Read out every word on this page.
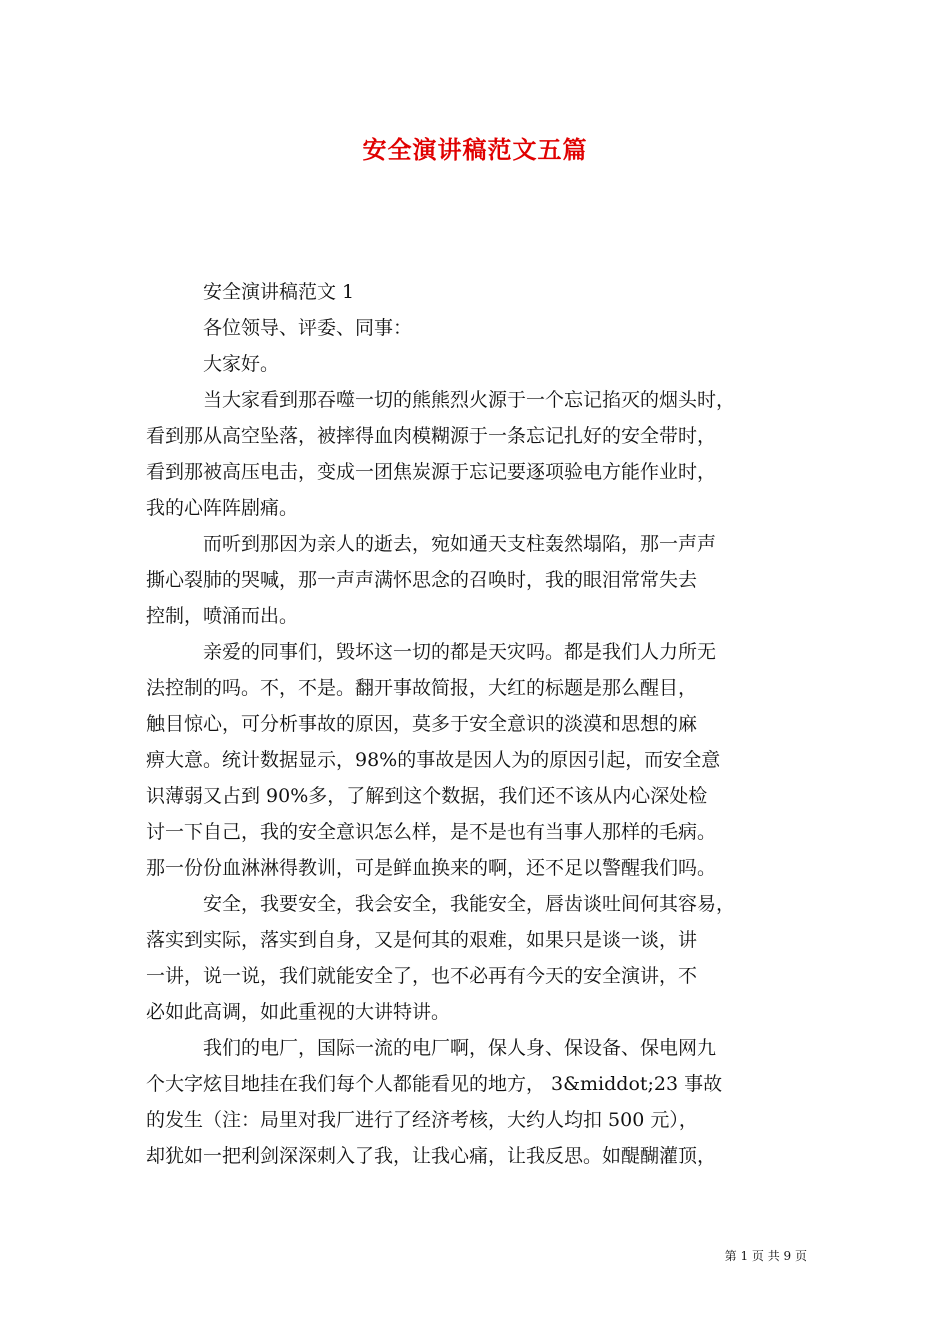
安全演讲稿范文五篇
安全演讲稿范文 1
各位领导、评委、同事：
大家好。
当大家看到那吞噬一切的熊熊烈火源于一个忘记掐灭的烟头时，
看到那从高空坠落，被摔得血肉模糊源于一条忘记扎好的安全带时，
看到那被高压电击，变成一团焦炭源于忘记要逐项验电方能作业时，
我的心阵阵剧痛。
而听到那因为亲人的逝去，宛如通天支柱轰然塌陷，那一声声
撕心裂肺的哭喊，那一声声满怀思念的召唤时，我的眼泪常常失去
控制，喷涌而出。
亲爱的同事们，毁坏这一切的都是天灾吗。都是我们人力所无
法控制的吗。不，不是。翻开事故简报，大红的标题是那么醒目，
触目惊心，可分析事故的原因，莫多于安全意识的淡漠和思想的麻
痹大意。统计数据显示，98%的事故是因人为的原因引起，而安全意
识薄弱又占到 90%多，了解到这个数据，我们还不该从内心深处检
讨一下自己，我的安全意识怎么样，是不是也有当事人那样的毛病。
那一份份血淋淋得教训，可是鲜血换来的啊，还不足以警醒我们吗。
安全，我要安全，我会安全，我能安全，唇齿谈吐间何其容易，
落实到实际，落实到自身，又是何其的艰难，如果只是谈一谈，讲
一讲，说一说，我们就能安全了，也不必再有今天的安全演讲，不
必如此高调，如此重视的大讲特讲。
我们的电厂，国际一流的电厂啊，保人身、保设备、保电网九
个大字炫目地挂在我们每个人都能看见的地方， 3&middot;23 事故
的发生（注：局里对我厂进行了经济考核，大约人均扣 500 元），
却犹如一把利剑深深刺入了我，让我心痛，让我反思。如醍醐灌顶，
第 1 页 共 9 页
